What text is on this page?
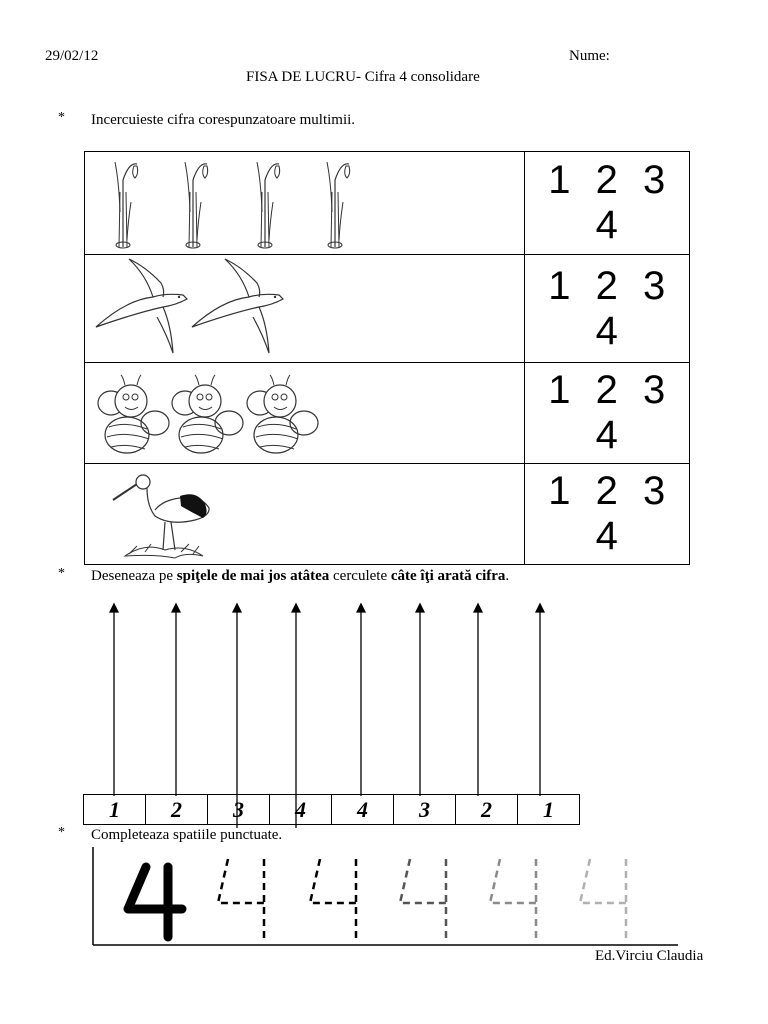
29/02/12	Nume:
FISA DE LUCRU- Cifra 4 consolidare
* Incercuieste cifra corespunzatoare multimii.
	1 2 3 4

	1 2 3 4

	1 2 3 4

	1 2 3 4
* Deseneaza pe spiţele de mai jos atâtea cerculete câte îţi arată cifra.
1	2	3	4	4	3	2	1
* Completeaza spatiile punctuate.
Ed.Virciu Claudia
